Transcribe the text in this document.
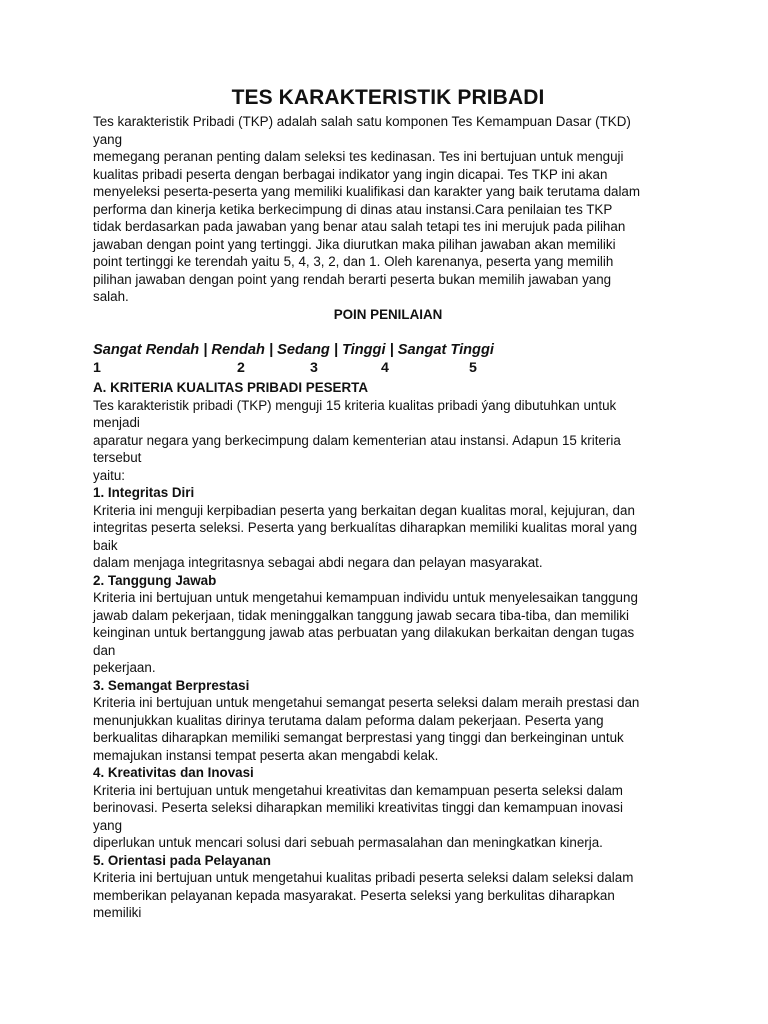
TES KARAKTERISTIK PRIBADI
Tes karakteristik Pribadi (TKP) adalah salah satu komponen Tes Kemampuan Dasar (TKD)
yang
memegang peranan penting dalam seleksi tes kedinasan. Tes ini bertujuan untuk menguji
kualitas pribadi peserta dengan berbagai indikator yang ingin dicapai. Tes TKP ini akan
menyeleksi peserta-peserta yang memiliki kualifikasi dan karakter yang baik terutama dalam
performa dan kinerja ketika berkecimpung di dinas atau instansi.Cara penilaian tes TKP
tidak berdasarkan pada jawaban yang benar atau salah tetapi tes ini merujuk pada pilihan
jawaban dengan point yang tertinggi. Jika diurutkan maka pilihan jawaban akan memiliki
point tertinggi ke terendah yaitu 5, 4, 3, 2, dan 1. Oleh karenanya, peserta yang memilih
pilihan jawaban dengan point yang rendah berarti peserta bukan memilih jawaban yang
salah.
POIN PENILAIAN
Sangat Rendah | Rendah | Sedang | Tinggi | Sangat Tinggi
1	2	3	4	5
A. KRITERIA KUALITAS PRIBADI PESERTA
Tes karakteristik pribadi (TKP) menguji 15 kriteria kualitas pribadi ýang dibutuhkan untuk
menjadi
aparatur negara yang berkecimpung dalam kementerian atau instansi. Adapun 15 kriteria
tersebut
yaitu:
1. Integritas Diri
Kriteria ini menguji kerpibadian peserta yang berkaitan degan kualitas moral, kejujuran, dan
integritas peserta seleksi. Peserta yang berkualítas diharapkan memiliki kualitas moral yang
baik
dalam menjaga integritasnya sebagai abdi negara dan pelayan masyarakat.
2. Tanggung Jawab
Kriteria ini bertujuan untuk mengetahui kemampuan individu untuk menyelesaikan tanggung
jawab dalam pekerjaan, tidak meninggalkan tanggung jawab secara tiba-tiba, dan memiliki
keinginan untuk bertanggung jawab atas perbuatan yang dilakukan berkaitan dengan tugas
dan
pekerjaan.
3. Semangat Berprestasi
Kriteria ini bertujuan untuk mengetahui semangat peserta seleksi dalam meraih prestasi dan
menunjukkan kualitas dirinya terutama dalam peforma dalam pekerjaan. Peserta yang
berkualitas diharapkan memiliki semangat berprestasi yang tinggi dan berkeinginan untuk
memajukan instansi tempat peserta akan mengabdi kelak.
4. Kreativitas dan Inovasi
Kriteria ini bertujuan untuk mengetahui kreativitas dan kemampuan peserta seleksi dalam
berinovasi. Peserta seleksi diharapkan memiliki kreativitas tinggi dan kemampuan inovasi
yang
diperlukan untuk mencari solusi dari sebuah permasalahan dan meningkatkan kinerja.
5. Orientasi pada Pelayanan
Kriteria ini bertujuan untuk mengetahui kualitas pribadi peserta seleksi dalam seleksi dalam
memberikan pelayanan kepada masyarakat. Peserta seleksi yang berkulitas diharapkan
memiliki
